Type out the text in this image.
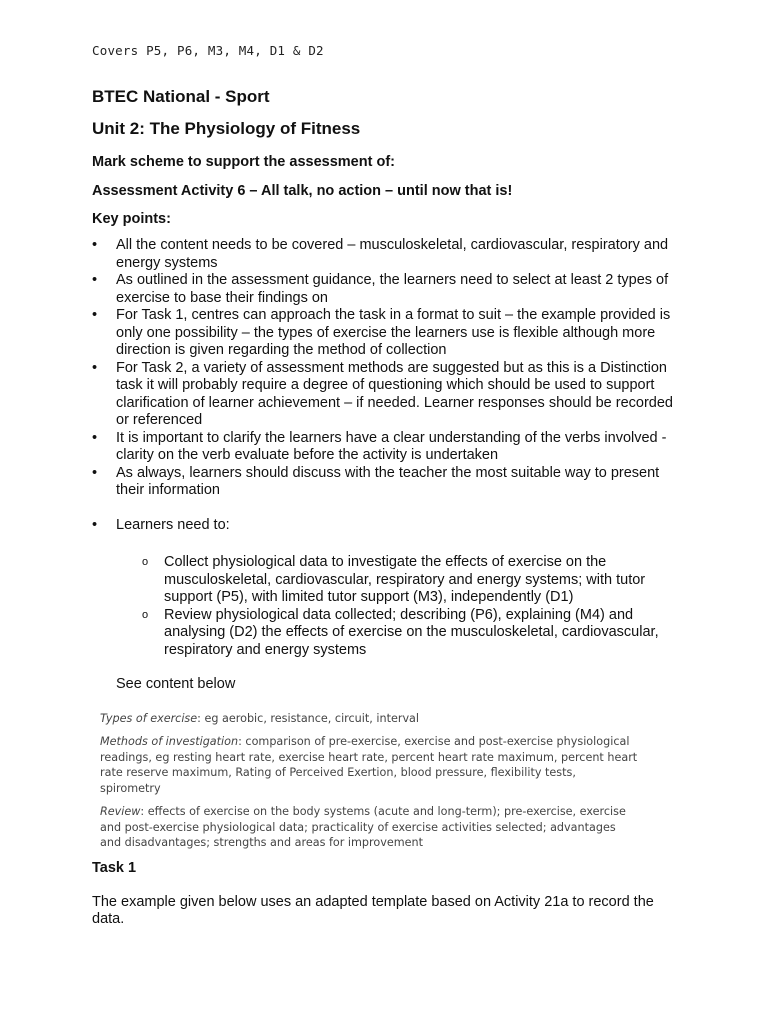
Covers P5, P6, M3, M4, D1 & D2
BTEC National - Sport
Unit 2: The Physiology of Fitness
Mark scheme to support the assessment of:
Assessment Activity 6 – All talk, no action – until now that is!
Key points:
• All the content needs to be covered – musculoskeletal, cardiovascular, respiratory and energy systems
• As outlined in the assessment guidance, the learners need to select at least 2 types of exercise to base their findings on
• For Task 1, centres can approach the task in a format to suit – the example provided is only one possibility – the types of exercise the learners use is flexible although more direction is given regarding the method of collection
• For Task 2, a variety of assessment methods are suggested but as this is a Distinction task it will probably require a degree of questioning which should be used to support clarification of learner achievement – if needed. Learner responses should be recorded or referenced
• It is important to clarify the learners have a clear understanding of the verbs involved - clarity on the verb evaluate before the activity is undertaken
• As always, learners should discuss with the teacher the most suitable way to present their information
• Learners need to:
o Collect physiological data to investigate the effects of exercise on the musculoskeletal, cardiovascular, respiratory and energy systems; with tutor support (P5), with limited tutor support (M3), independently (D1)
o Review physiological data collected; describing (P6), explaining (M4) and analysing (D2) the effects of exercise on the musculoskeletal, cardiovascular, respiratory and energy systems
See content below

Types of exercise: eg aerobic, resistance, circuit, interval

Methods of investigation: comparison of pre-exercise, exercise and post-exercise physiological readings, eg resting heart rate, exercise heart rate, percent heart rate maximum, percent heart rate reserve maximum, Rating of Perceived Exertion, blood pressure, flexibility tests, spirometry

Review: effects of exercise on the body systems (acute and long-term); pre-exercise, exercise and post-exercise physiological data; practicality of exercise activities selected; advantages and disadvantages; strengths and areas for improvement

Task 1
The example given below uses an adapted template based on Activity 21a to record the data.
